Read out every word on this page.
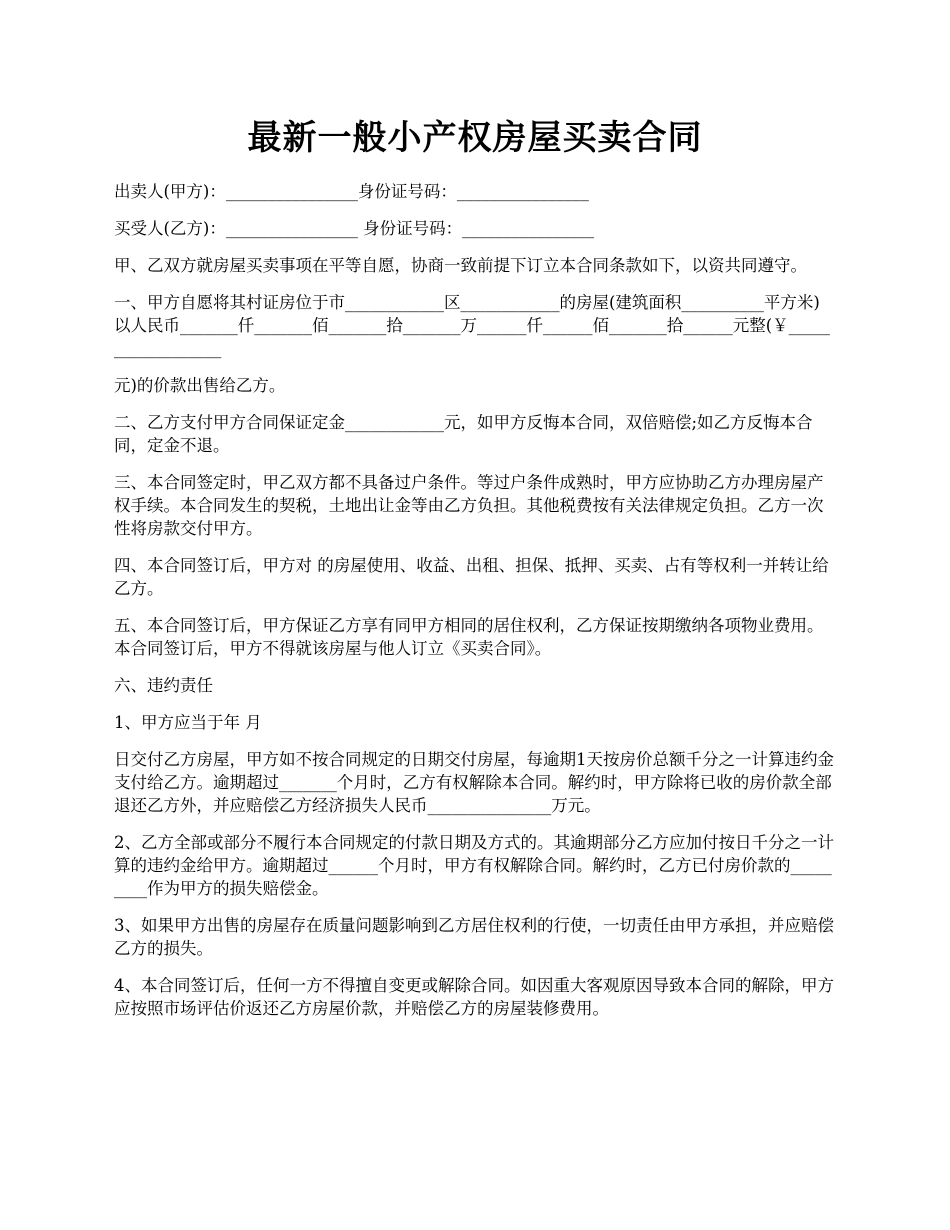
最新一般小产权房屋买卖合同

出卖人(甲方)：________________身份证号码：________________

买受人(乙方)：________________ 身份证号码：________________

甲、乙双方就房屋买卖事项在平等自愿，协商一致前提下订立本合同条款如下，以资共同遵守。

一、甲方自愿将其村证房位于市____________区____________的房屋(建筑面积__________平方米)以人民币_______仟_______佰_______拾_______万______仟______佰_______拾______元整(￥__________________

元)的价款出售给乙方。

二、乙方支付甲方合同保证定金____________元，如甲方反悔本合同，双倍赔偿;如乙方反悔本合同，定金不退。

三、本合同签定时，甲乙双方都不具备过户条件。等过户条件成熟时，甲方应协助乙方办理房屋产权手续。本合同发生的契税，土地出让金等由乙方负担。其他税费按有关法律规定负担。乙方一次性将房款交付甲方。

四、本合同签订后，甲方对 的房屋使用、收益、出租、担保、抵押、买卖、占有等权利一并转让给乙方。

五、本合同签订后，甲方保证乙方享有同甲方相同的居住权利，乙方保证按期缴纳各项物业费用。本合同签订后，甲方不得就该房屋与他人订立《买卖合同》。

六、违约责任

1、甲方应当于年 月

日交付乙方房屋，甲方如不按合同规定的日期交付房屋，每逾期1天按房价总额千分之一计算违约金支付给乙方。逾期超过_______个月时，乙方有权解除本合同。解约时，甲方除将已收的房价款全部退还乙方外，并应赔偿乙方经济损失人民币_______________万元。

2、乙方全部或部分不履行本合同规定的付款日期及方式的。其逾期部分乙方应加付按日千分之一计算的违约金给甲方。逾期超过______个月时，甲方有权解除合同。解约时，乙方已付房价款的_________作为甲方的损失赔偿金。

3、如果甲方出售的房屋存在质量问题影响到乙方居住权利的行使，一切责任由甲方承担，并应赔偿乙方的损失。

4、本合同签订后，任何一方不得擅自变更或解除合同。如因重大客观原因导致本合同的解除，甲方应按照市场评估价返还乙方房屋价款，并赔偿乙方的房屋装修费用。
